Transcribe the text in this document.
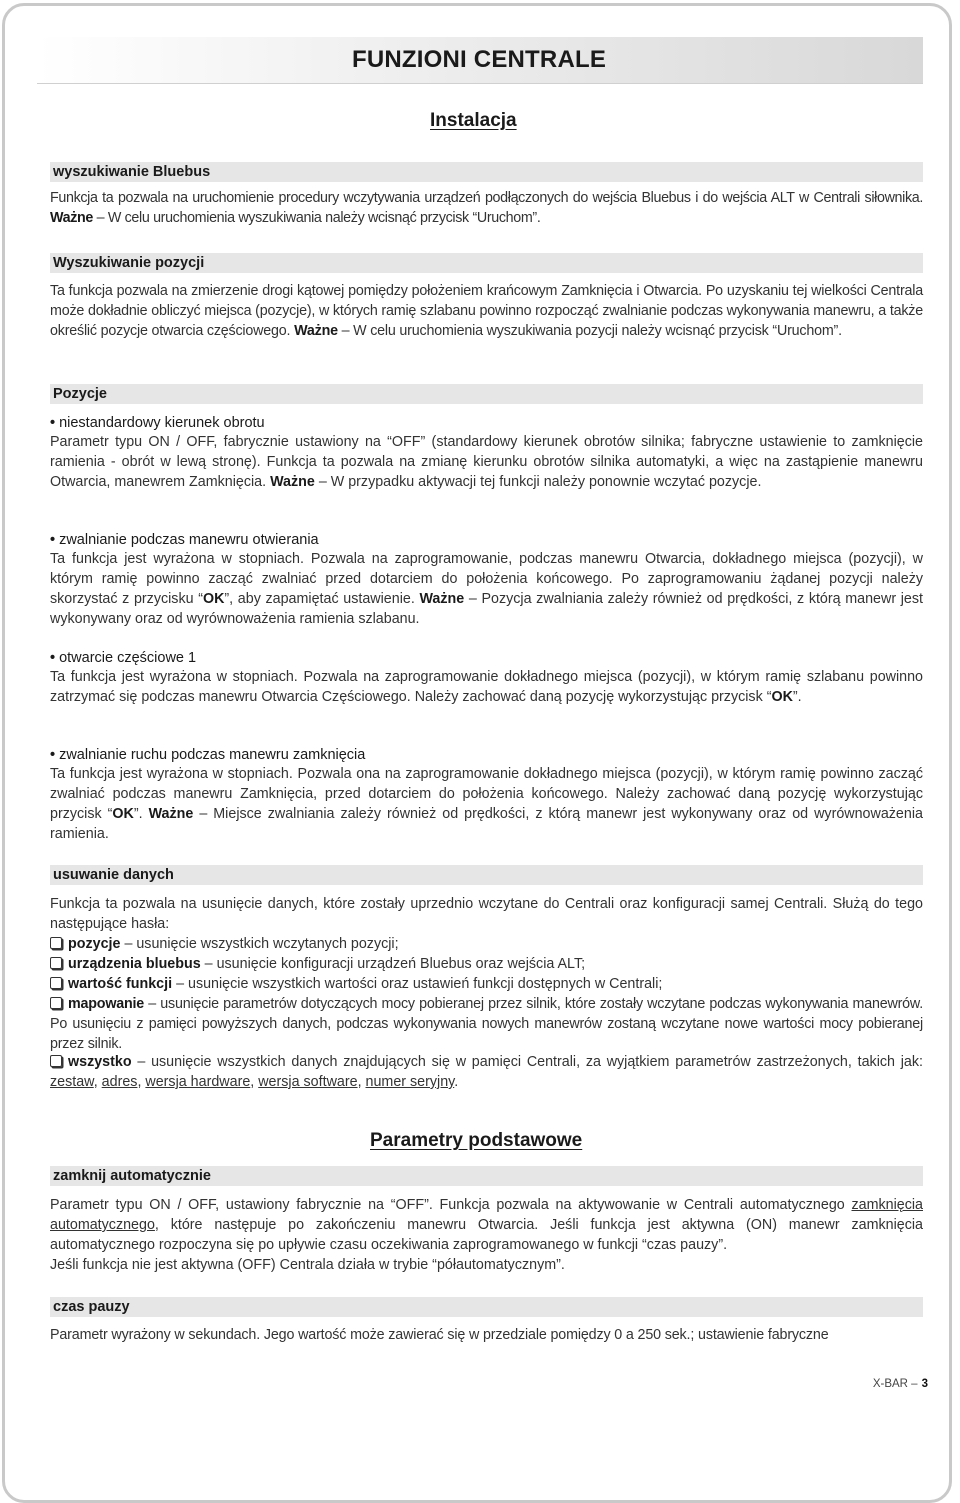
FUNZIONI CENTRALE
Instalacja
wyszukiwanie Bluebus

Funkcja ta pozwala na uruchomienie procedury wczytywania urządzeń podłączonych do wejścia Bluebus i do wejścia ALT w Centrali siłownika. Ważne – W celu uruchomienia wyszukiwania należy wcisnąć przycisk “Uruchom”.

Wyszukiwanie pozycji

Ta funkcja pozwala na zmierzenie drogi kątowej pomiędzy położeniem krańcowym Zamknięcia i Otwarcia. Po uzyskaniu tej wielkości Centrala może dokładnie obliczyć miejsca (pozycje), w których ramię szlabanu powinno rozpocząć zwalnianie podczas wykonywania manewru, a także określić pozycje otwarcia częściowego. Ważne – W celu uruchomienia wyszukiwania pozycji należy wcisnąć przycisk “Uruchom”.

Pozycje

• niestandardowy kierunek obrotu

Parametr typu ON / OFF, fabrycznie ustawiony na “OFF” (standardowy kierunek obrotów silnika; fabryczne ustawienie to zamknięcie ramienia - obrót w lewą stronę). Funkcja ta pozwala na zmianę kierunku obrotów silnika automatyki, a więc na zastąpienie manewru Otwarcia, manewrem Zamknięcia. Ważne – W przypadku aktywacji tej funkcji należy ponownie wczytać pozycje.

• zwalnianie podczas manewru otwierania

Ta funkcja jest wyrażona w stopniach. Pozwala na zaprogramowanie, podczas manewru Otwarcia, dokładnego miejsca (pozycji), w którym ramię powinno zacząć zwalniać przed dotarciem do położenia końcowego. Po zaprogramowaniu żądanej pozycji należy skorzystać z przycisku “OK”, aby zapamiętać ustawienie. Ważne – Pozycja zwalniania zależy również od prędkości, z którą manewr jest wykonywany oraz od wyrównoważenia ramienia szlabanu.

• otwarcie częściowe 1

Ta funkcja jest wyrażona w stopniach. Pozwala na zaprogramowanie dokładnego miejsca (pozycji), w którym ramię szlabanu powinno zatrzymać się podczas manewru Otwarcia Częściowego. Należy zachować daną pozycję wykorzystując przycisk “OK”.

• zwalnianie ruchu podczas manewru zamknięcia

Ta funkcja jest wyrażona w stopniach. Pozwala ona na zaprogramowanie dokładnego miejsca (pozycji), w którym ramię powinno zacząć zwalniać podczas manewru Zamknięcia, przed dotarciem do położenia końcowego. Należy zachować daną pozycję wykorzystując przycisk “OK”. Ważne – Miejsce zwalniania zależy również od prędkości, z którą manewr jest wykonywany oraz od wyrównoważenia ramienia.

usuwanie danych

Funkcja ta pozwala na usunięcie danych, które zostały uprzednio wczytane do Centrali oraz konfiguracji samej Centrali. Służą do tego następujące hasła:

pozycje – usunięcie wszystkich wczytanych pozycji;

urządzenia bluebus – usunięcie konfiguracji urządzeń Bluebus oraz wejścia ALT;

wartość funkcji – usunięcie wszystkich wartości oraz ustawień funkcji dostępnych w Centrali;

mapowanie – usunięcie parametrów dotyczących mocy pobieranej przez silnik, które zostały wczytane podczas wykonywania manewrów. Po usunięciu z pamięci powyższych danych, podczas wykonywania nowych manewrów zostaną wczytane nowe wartości mocy pobieranej przez silnik.

wszystko – usunięcie wszystkich danych znajdujących się w pamięci Centrali, za wyjątkiem parametrów zastrzeżonych, takich jak: zestaw, adres, wersja hardware, wersja software, numer seryjny.

Parametry podstawowe
zamknij automatycznie

Parametr typu ON / OFF, ustawiony fabrycznie na “OFF”. Funkcja pozwala na aktywowanie w Centrali automatycznego zamknięcia automatycznego, które następuje po zakończeniu manewru Otwarcia. Jeśli funkcja jest aktywna (ON) manewr zamknięcia automatycznego rozpoczyna się po upływie czasu oczekiwania zaprogramowanego w funkcji “czas pauzy”.
Jeśli funkcja nie jest aktywna (OFF) Centrala działa w trybie “półautomatycznym”.

czas pauzy

Parametr wyrażony w sekundach. Jego wartość może zawierać się w przedziale pomiędzy 0 a 250 sek.; ustawienie fabryczne

X-BAR – 3
